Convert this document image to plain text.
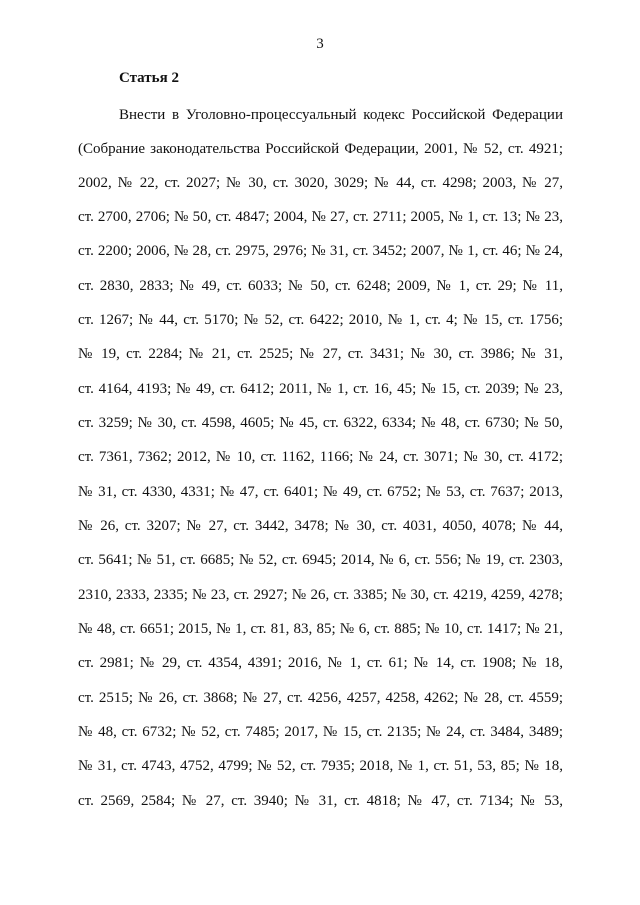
3
Статья 2
Внести в Уголовно-процессуальный кодекс Российской Федерации
(Собрание законодательства Российской Федерации, 2001, № 52, ст. 4921;
2002, № 22, ст. 2027; № 30, ст. 3020, 3029; № 44, ст. 4298; 2003, № 27,
ст. 2700, 2706; № 50, ст. 4847; 2004, № 27, ст. 2711; 2005, № 1, ст. 13; № 23,
ст. 2200; 2006, № 28, ст. 2975, 2976; № 31, ст. 3452; 2007, № 1, ст. 46; № 24,
ст. 2830, 2833; № 49, ст. 6033; № 50, ст. 6248; 2009, № 1, ст. 29; № 11,
ст. 1267; № 44, ст. 5170; № 52, ст. 6422; 2010, № 1, ст. 4; № 15, ст. 1756;
№ 19, ст. 2284; № 21, ст. 2525; № 27, ст. 3431; № 30, ст. 3986; № 31,
ст. 4164, 4193; № 49, ст. 6412; 2011, № 1, ст. 16, 45; № 15, ст. 2039; № 23,
ст. 3259; № 30, ст. 4598, 4605; № 45, ст. 6322, 6334; № 48, ст. 6730; № 50,
ст. 7361, 7362; 2012, № 10, ст. 1162, 1166; № 24, ст. 3071; № 30, ст. 4172;
№ 31, ст. 4330, 4331; № 47, ст. 6401; № 49, ст. 6752; № 53, ст. 7637; 2013,
№ 26, ст. 3207; № 27, ст. 3442, 3478; № 30, ст. 4031, 4050, 4078; № 44,
ст. 5641; № 51, ст. 6685; № 52, ст. 6945; 2014, № 6, ст. 556; № 19, ст. 2303,
2310, 2333, 2335; № 23, ст. 2927; № 26, ст. 3385; № 30, ст. 4219, 4259, 4278;
№ 48, ст. 6651; 2015, № 1, ст. 81, 83, 85; № 6, ст. 885; № 10, ст. 1417; № 21,
ст. 2981; № 29, ст. 4354, 4391; 2016, № 1, ст. 61; № 14, ст. 1908; № 18,
ст. 2515; № 26, ст. 3868; № 27, ст. 4256, 4257, 4258, 4262; № 28, ст. 4559;
№ 48, ст. 6732; № 52, ст. 7485; 2017, № 15, ст. 2135; № 24, ст. 3484, 3489;
№ 31, ст. 4743, 4752, 4799; № 52, ст. 7935; 2018, № 1, ст. 51, 53, 85; № 18,
ст. 2569, 2584; № 27, ст. 3940; № 31, ст. 4818; № 47, ст. 7134; № 53,
